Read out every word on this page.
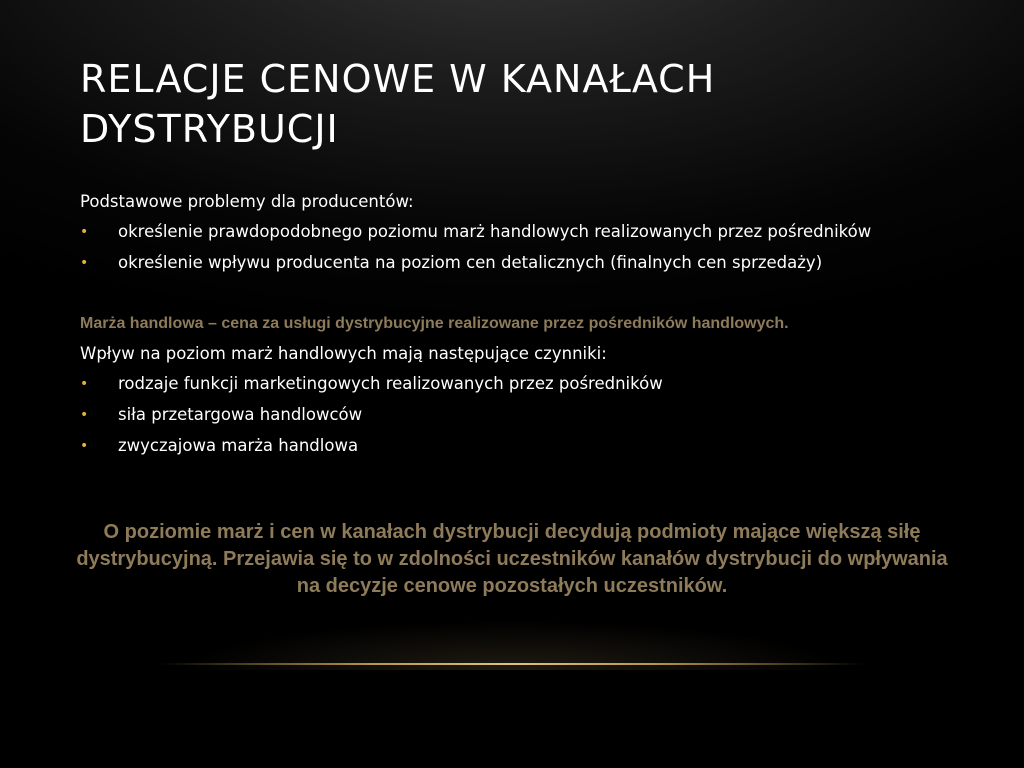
RELACJE CENOWE W KANAŁACH DYSTRYBUCJI

Podstawowe problemy dla producentów:

• określenie prawdopodobnego poziomu marż handlowych realizowanych przez pośredników
• określenie wpływu producenta na poziom cen detalicznych (finalnych cen sprzedaży)

Marża handlowa – cena za usługi dystrybucyjne realizowane przez pośredników handlowych.

Wpływ na poziom marż handlowych mają następujące czynniki:

• rodzaje funkcji marketingowych realizowanych przez pośredników
• siła przetargowa handlowców
• zwyczajowa marża handlowa

O poziomie marż i cen w kanałach dystrybucji decydują podmioty mające większą siłę dystrybucyjną. Przejawia się to w zdolności uczestników kanałów dystrybucji do wpływania na decyzje cenowe pozostałych uczestników.
